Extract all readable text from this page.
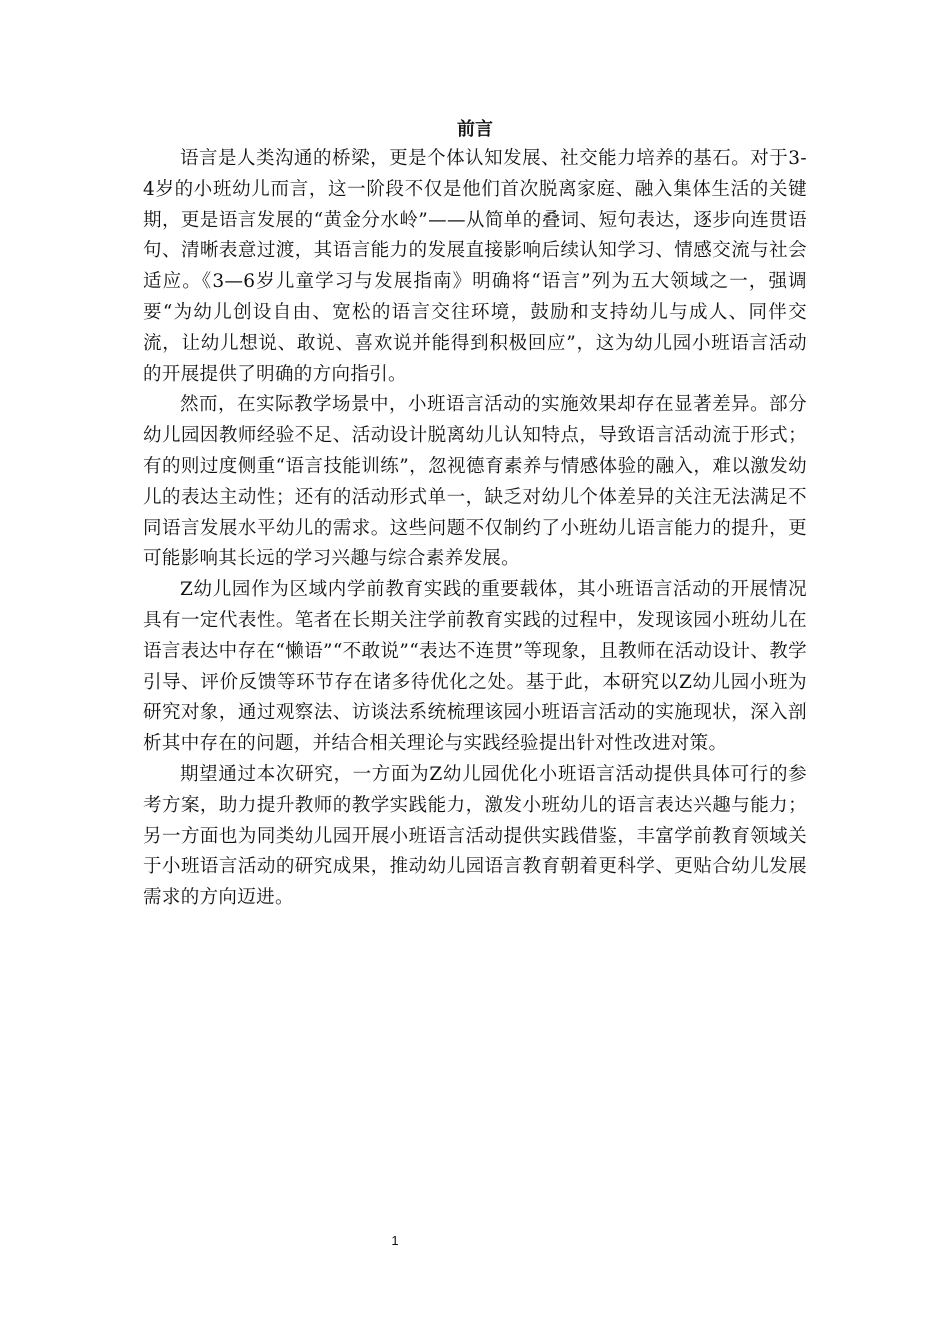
前言

语言是人类沟通的桥梁，更是个体认知发展、社交能力培养的基石。对于3-4岁的小班幼儿而言，这一阶段不仅是他们首次脱离家庭、融入集体生活的关键期，更是语言发展的“黄金分水岭”——从简单的叠词、短句表达，逐步向连贯语句、清晰表意过渡，其语言能力的发展直接影响后续认知学习、情感交流与社会适应。《3—6岁儿童学习与发展指南》明确将“语言”列为五大领域之一，强调要“为幼儿创设自由、宽松的语言交往环境，鼓励和支持幼儿与成人、同伴交流，让幼儿想说、敢说、喜欢说并能得到积极回应”，这为幼儿园小班语言活动的开展提供了明确的方向指引。

然而，在实际教学场景中，小班语言活动的实施效果却存在显著差异。部分幼儿园因教师经验不足、活动设计脱离幼儿认知特点，导致语言活动流于形式；有的则过度侧重“语言技能训练”，忽视德育素养与情感体验的融入，难以激发幼儿的表达主动性；还有的活动形式单一，缺乏对幼儿个体差异的关注无法满足不同语言发展水平幼儿的需求。这些问题不仅制约了小班幼儿语言能力的提升，更可能影响其长远的学习兴趣与综合素养发展。

Z幼儿园作为区域内学前教育实践的重要载体，其小班语言活动的开展情况具有一定代表性。笔者在长期关注学前教育实践的过程中，发现该园小班幼儿在语言表达中存在“懒语”“不敢说”“表达不连贯”等现象，且教师在活动设计、教学引导、评价反馈等环节存在诸多待优化之处。基于此，本研究以Z幼儿园小班为研究对象，通过观察法、访谈法系统梳理该园小班语言活动的实施现状，深入剖析其中存在的问题，并结合相关理论与实践经验提出针对性改进对策。

期望通过本次研究，一方面为Z幼儿园优化小班语言活动提供具体可行的参考方案，助力提升教师的教学实践能力，激发小班幼儿的语言表达兴趣与能力；另一方面也为同类幼儿园开展小班语言活动提供实践借鉴，丰富学前教育领域关于小班语言活动的研究成果，推动幼儿园语言教育朝着更科学、更贴合幼儿发展需求的方向迈进。

1
